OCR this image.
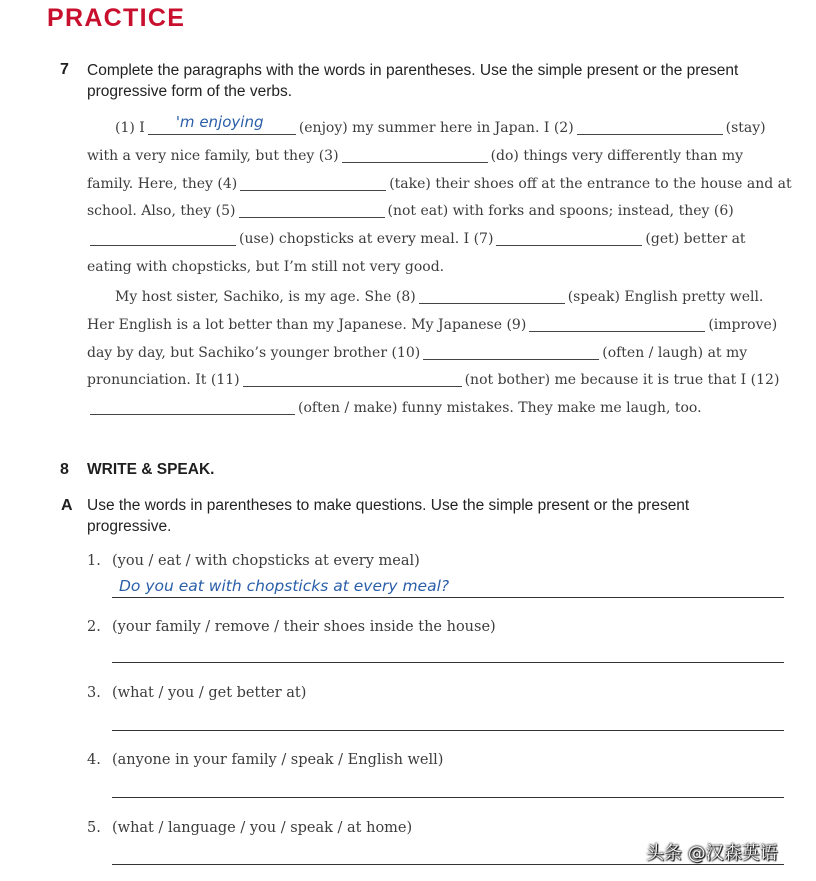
PRACTICE
7 Complete the paragraphs with the words in parentheses. Use the simple present or the present progressive form of the verbs.

(1) I	'm enjoying	(enjoy) my summer here in Japan. I (2)	(stay) with a very nice family, but they (3)	(do) things very differently than my family. Here, they (4)	(take) their shoes off at the entrance to the house and at school. Also, they (5)	(not eat) with forks and spoons; instead, they (6)(use) chopsticks at every meal. I (7)	(get) better at eating with chopsticks, but I’m still not very good.

My host sister, Sachiko, is my age. She (8)	(speak) English pretty well. Her English is a lot better than my Japanese. My Japanese (9)	(improve) day by day, but Sachiko’s younger brother (10)	(often / laugh) at my pronunciation. It (11)	(not bother) me because it is true that I (12)(often / make) funny mistakes. They make me laugh, too.

8 WRITE & SPEAK.
A Use the words in parentheses to make questions. Use the simple present or the present progressive.

1. (you / eat / with chopsticks at every meal)
Do you eat with chopsticks at every meal?
2. (your family / remove / their shoes inside the house)
3. (what / you / get better at)
4. (anyone in your family / speak / English well)
5. (what / language / you / speak / at home)
头条 @汉森英语
